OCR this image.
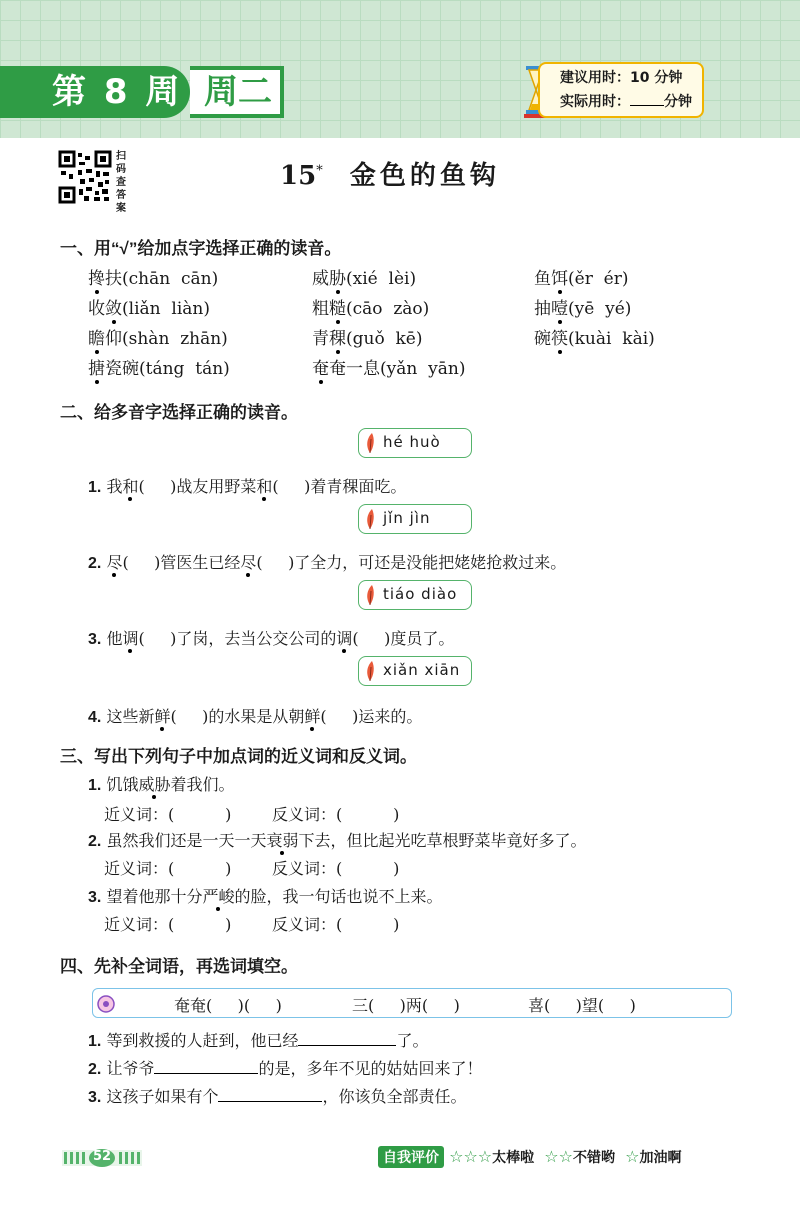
第 8 周 周二	建议用时：10 分钟
实际用时： 分钟
扫码查答案
15* 金色的鱼钩
一、用“√”给加点字选择正确的读音。
搀扶(chān  cān)	威胁(xié  lèi)	鱼饵(ěr  ér)
收敛(liǎn  liàn)	粗糙(cāo  zào)	抽噎(yē  yé)
瞻仰(shàn  zhān)	青稞(guǒ  kē)	碗筷(kuài  kài)
搪瓷碗(táng  tán)	奄奄一息(yǎn  yān)
二、给多音字选择正确的读音。
hé huò
1. 我和(     )战友用野菜和(     )着青稞面吃。
jǐn jìn
2. 尽(     )管医生已经尽(     )了全力，可还是没能把姥姥抢救过来。
tiáo diào
3. 他调(     )了岗，去当公交公司的调(     )度员了。
xiǎn xiān
4. 这些新鲜(     )的水果是从朝鲜(     )运来的。
三、写出下列句子中加点词的近义词和反义词。
1. 饥饿威胁着我们。
近义词：(          )	反义词：(          )
2. 虽然我们还是一天一天衰弱下去，但比起光吃草根野菜毕竟好多了。
近义词：(          )	反义词：(          )
3. 望着他那十分严峻的脸，我一句话也说不上来。
近义词：(          )	反义词：(          )
四、先补全词语，再选词填空。
奄奄(     )(     )	三(     )两(     )	喜(     )望(     )
1. 等到救援的人赶到，他已经	了。
2. 让爷爷	的是，多年不见的姑姑回来了！
3. 这孩子如果有个	，你该负全部责任。
52	自我评价 ☆☆☆太棒啦 ☆☆不错哟 ☆加油啊
